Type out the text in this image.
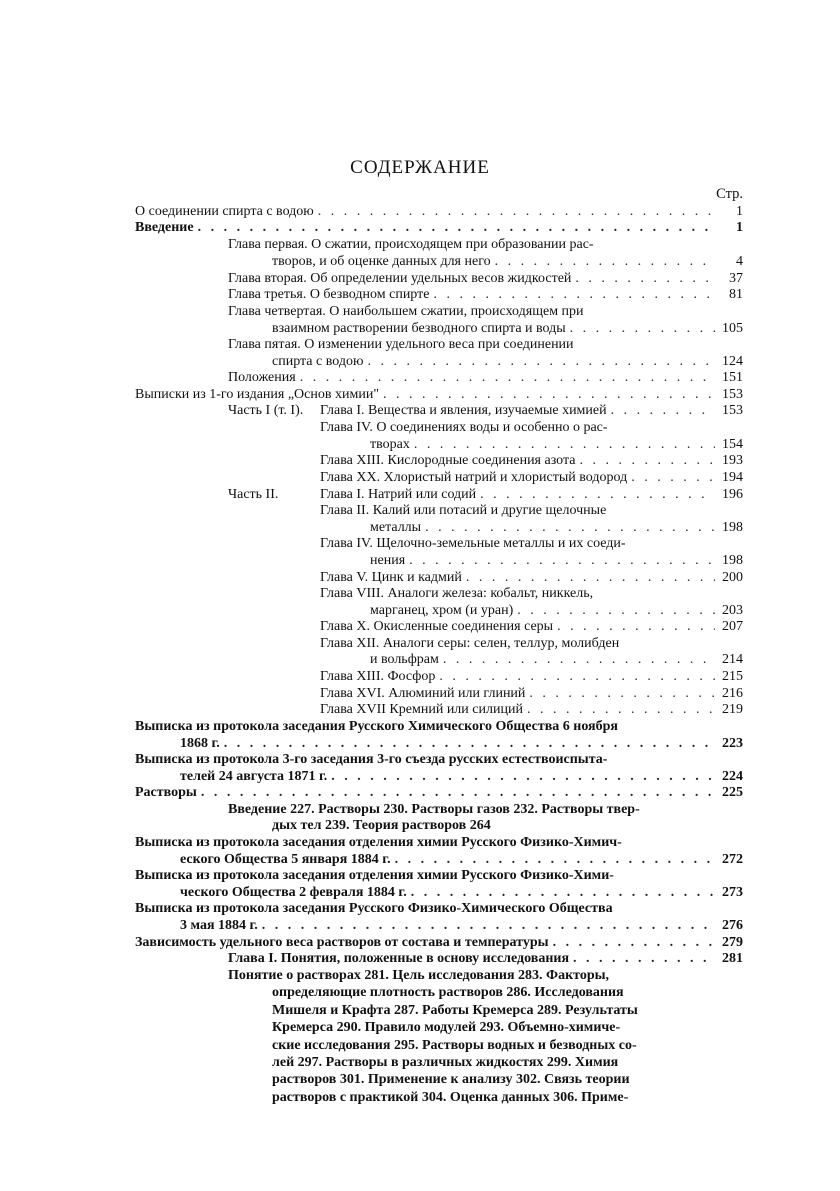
СОДЕРЖАНИЕ
Стр.
О соединении спирта с водою . . .	1
Введение . . .	1
Глава первая. О сжатии, происходящем при образовании рас-
творов, и об оценке данных для него . . .	4
Глава вторая. Об определении удельных весов жидкостей . . .	37
Глава третья. О безводном спирте . . .	81
Глава четвертая. О наибольшем сжатии, происходящем при
взаимном растворении безводного спирта и воды . . .	105
Глава пятая. О изменении удельного веса при соединении
спирта с водою . . .	124
Положения . . .	151
Выписки из 1-го издания „Основ химии" . . .	153
Часть I (т. I). Глава I. Вещества и явления, изучаемые химией . . .	153
Глава IV. О соединениях воды и особенно о рас-
творах . . .	154
Глава XIII. Кислородные соединения азота . . .	193
Глава XX. Хлористый натрий и хлористый водород . . .	194
Часть II.	Глава I. Натрий или содий . . .	196
Глава II. Калий или потасий и другие щелочные
металлы . . .	198
Глава IV. Щелочно-земельные металлы и их соеди-
нения . . .	198
Глава V. Цинк и кадмий . . .	200
Глава VIII. Аналоги железа: кобальт, никкель,
марганец, хром (и уран) . . .	203
Глава X. Окисленные соединения серы . . .	207
Глава XII. Аналоги серы: селен, теллур, молибден
и вольфрам . . .	214
Глава XIII. Фосфор . . .	215
Глава XVI. Алюминий или глиний . . .	216
Глава XVII Кремний или силиций . . .	219
Выписка из протокола заседания Русского Химического Общества 6 ноября
1868 г. . . .	223
Выписка из протокола 3-го заседания 3-го съезда русских естествоиспыта-
телей 24 августа 1871 г. . . .	224
Растворы . . .	225
Введение 227. Растворы 230. Растворы газов 232. Растворы твер-
дых тел 239. Теория растворов 264
Выписка из протокола заседания отделения химии Русского Физико-Химич-
еского Общества 5 января 1884 г. . . .	272
Выписка из протокола заседания отделения химии Русского Физико-Хими-
ческого Общества 2 февраля 1884 г. . . .	273
Выписка из протокола заседания Русского Физико-Химического Общества
3 мая 1884 г. . . .	276
Зависимость удельного веса растворов от состава и температуры . . .	279
Глава I. Понятия, положенные в основу исследования . . .	281
Понятие о растворах 281. Цель исследования 283. Факторы,
определяющие плотность растворов 286. Исследования
Мишеля и Крафта 287. Работы Кремерса 289. Результаты
Кремерса 290. Правило модулей 293. Объемно-химиче-
ские исследования 295. Растворы водных и безводных со-
лей 297. Растворы в различных жидкостях 299. Химия
растворов 301. Применение к анализу 302. Связь теории
растворов с практикой 304. Оценка данных 306. Приме-
